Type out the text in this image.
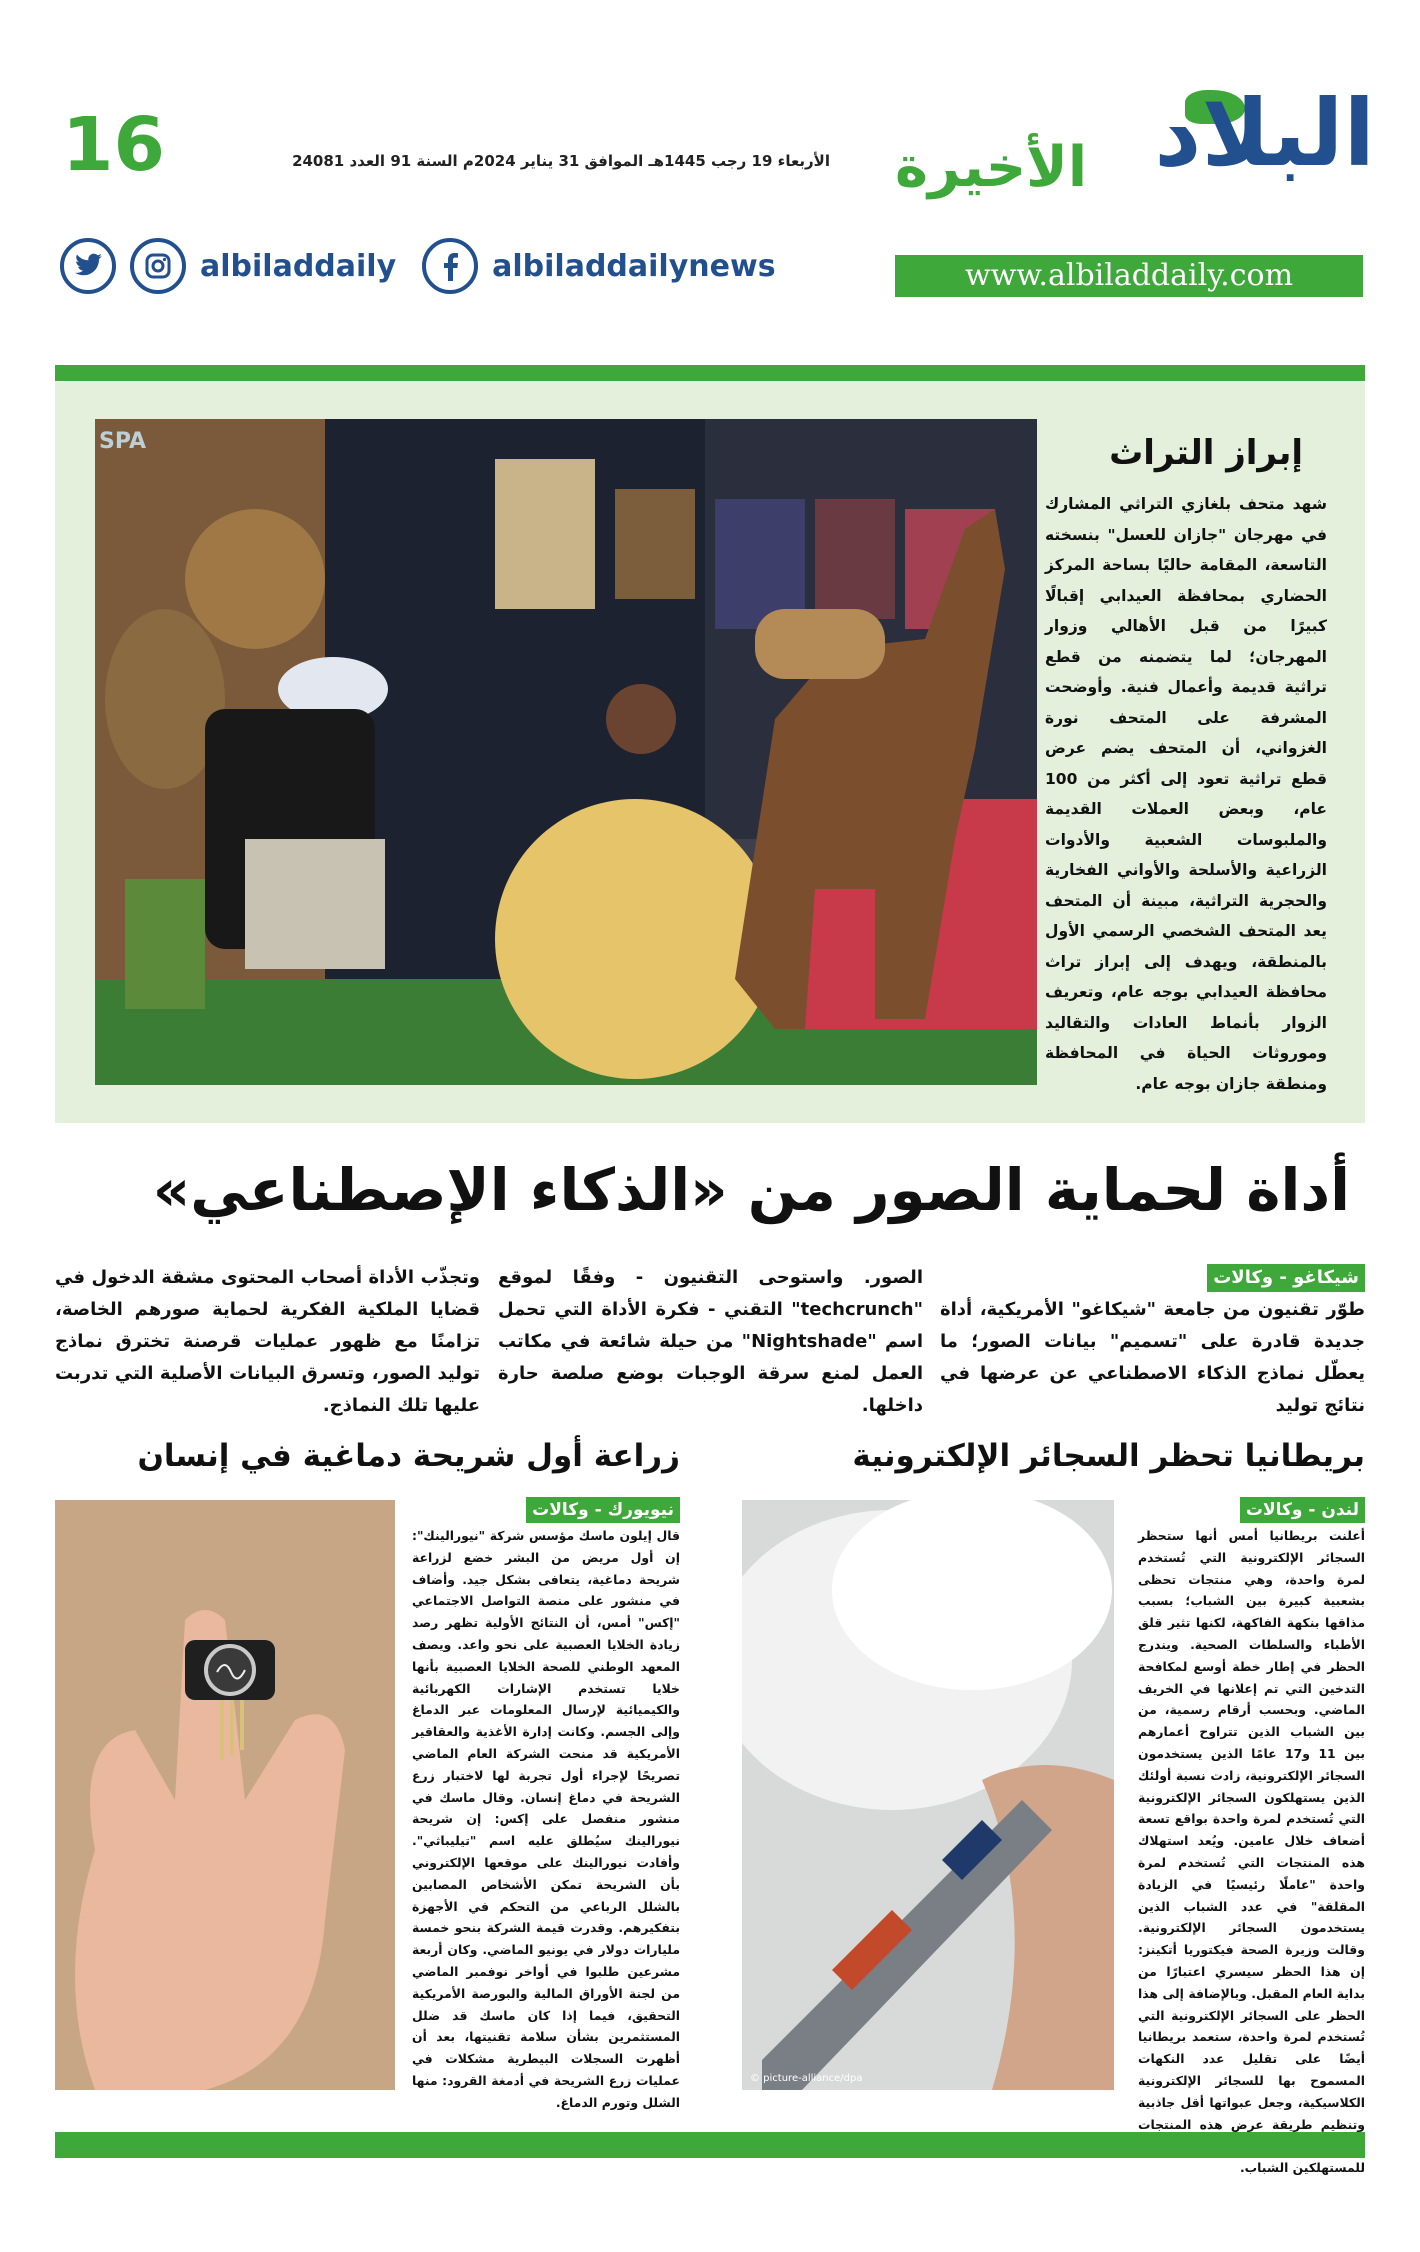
16	الأربعاء 19 رجب 1445هـ الموافق 31 يناير 2024م السنة 91 العدد 24081	البلاد
الأخيرة
www.albiladdaily.com
albiladdaily	albiladdailynews
SPA	إبراز التراث
شهد متحف بلغازي التراثي المشارك في مهرجان "جازان للعسل" بنسخته التاسعة، المقامة حاليًا بساحة المركز الحضاري بمحافظة العيدابي إقبالًا كبيرًا من قبل الأهالي وزوار المهرجان؛ لما يتضمنه من قطع تراثية قديمة وأعمال فنية. وأوضحت المشرفة على المتحف نورة الغزواني، أن المتحف يضم عرض قطع تراثية تعود إلى أكثر من 100 عام، وبعض العملات القديمة والملبوسات الشعبية والأدوات الزراعية والأسلحة والأواني الفخارية والحجرية التراثية، مبينة أن المتحف يعد المتحف الشخصي الرسمي الأول بالمنطقة، ويهدف إلى إبراز تراث محافظة العيدابي بوجه عام، وتعريف الزوار بأنماط العادات والتقاليد وموروثات الحياة في المحافظة ومنطقة جازان بوجه عام.
أداة لحماية الصور من «الذكاء الإصطناعي»
شيكاغو - وكالات
طوّر تقنيون من جامعة "شيكاغو" الأمريكية، أداة جديدة قادرة على "تسميم" بيانات الصور؛ ما يعطّل نماذج الذكاء الاصطناعي عن عرضها في نتائج توليد
الصور. واستوحى التقنيون - وفقًا لموقع "techcrunch" التقني - فكرة الأداة التي تحمل اسم "Nightshade" من حيلة شائعة في مكاتب العمل لمنع سرقة الوجبات بوضع صلصة حارة داخلها.
وتجذّب الأداة أصحاب المحتوى مشقة الدخول في قضايا الملكية الفكرية لحماية صورهم الخاصة، تزامنًا مع ظهور عمليات قرصنة تخترق نماذج توليد الصور، وتسرق البيانات الأصلية التي تدربت عليها تلك النماذج.
بريطانيا تحظر السجائر الإلكترونية
زراعة أول شريحة دماغية في إنسان
© picture-alliance/dpa
لندن - وكالات
أعلنت بريطانيا أمس أنها ستحظر السجائر الإلكترونية التي تُستخدم لمرة واحدة، وهي منتجات تحظى بشعبية كبيرة بين الشباب؛ بسبب مذاقها بنكهة الفاكهة، لكنها تثير قلق الأطباء والسلطات الصحية. ويندرج الحظر في إطار خطة أوسع لمكافحة التدخين التي تم إعلانها في الخريف الماضي. وبحسب أرقام رسمية، من بين الشباب الذين تتراوح أعمارهم بين 11 و17 عامًا الذين يستخدمون السجائر الإلكترونية، زادت نسبة أولئك الذين يستهلكون السجائر الإلكترونية التي تُستخدم لمرة واحدة بواقع تسعة أضعاف خلال عامين. ويُعد استهلاك هذه المنتجات التي تُستخدم لمرة واحدة "عاملًا رئيسيًا في الزيادة المقلقة" في عدد الشباب الذين يستخدمون السجائر الإلكترونية. وقالت وزيرة الصحة فيكتوريا أتكينز: إن هذا الحظر سيسري اعتبارًا من بداية العام المقبل. وبالإضافة إلى هذا الحظر على السجائر الإلكترونية التي تُستخدم لمرة واحدة، ستعمد بريطانيا أيضًا على تقليل عدد النكهات المسموح بها للسجائر الإلكترونية الكلاسيكية، وجعل عبواتها أقل جاذبية وتنظيم طريقة عرض هذه المنتجات للمستهلكين الشباب.
نيويورك - وكالات
قال إيلون ماسك مؤسس شركة "نيورالينك": إن أول مريض من البشر خضع لزراعة شريحة دماغية، يتعافى بشكل جيد. وأضاف في منشور على منصة التواصل الاجتماعي "إكس" أمس، أن النتائج الأولية تظهر رصد زيادة الخلايا العصبية على نحو واعد. ويصف المعهد الوطني للصحة الخلايا العصبية بأنها خلايا تستخدم الإشارات الكهربائية والكيميائية لإرسال المعلومات عبر الدماغ وإلى الجسم. وكانت إدارة الأغذية والعقاقير الأمريكية قد منحت الشركة العام الماضي تصريحًا لإجراء أول تجربة لها لاختبار زرع الشريحة في دماغ إنسان. وقال ماسك في منشور منفصل على إكس: إن شريحة نيورالينك سيُطلق عليه اسم "تيليباثي". وأفادت نيورالينك على موقعها الإلكتروني بأن الشريحة تمكن الأشخاص المصابين بالشلل الرباعي من التحكم في الأجهزة بتفكيرهم. وقدرت قيمة الشركة بنحو خمسة مليارات دولار في يونيو الماضي. وكان أربعة مشرعين طلبوا في أواخر نوفمبر الماضي من لجنة الأوراق المالية والبورصة الأمريكية التحقيق، فيما إذا كان ماسك قد ضلل المستثمرين بشأن سلامة تقنيتها، بعد أن أظهرت السجلات البيطرية مشكلات في عمليات زرع الشريحة في أدمغة القرود: منها الشلل وتورم الدماغ.
